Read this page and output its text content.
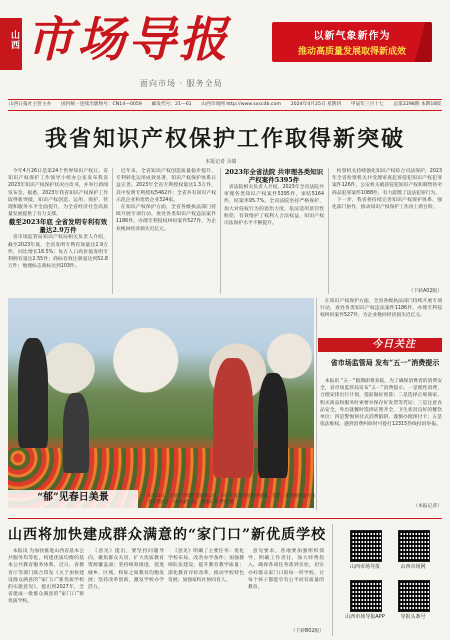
山西 市场导报
面向市场 · 服务全局
以新气象新作为
推动高质量发展取得新成效
山西日报社主管主办 国内统一连续出版物号：CN14—0059 邮发代号：21—61 山西市场网 http://www.sxscdb.com 2024年4月25日 星期四 甲辰年三月十七 总第2298期 本期16版
我省知识产权保护工作取得新突破
本报记者 余婧

今年4月26日是第24个世界知识产权日。省知识产权保护工作领导小组办公室发布我省2023年知识产权保护状况白皮书，并举行新闻发布会。据悉，2023年我省知识产权保护工作取得新突破，知识产权创造、运用、保护、管理和服务水平全面提升，为全省经济社会高质量发展提供了有力支撑。

截至2023年底 全省发明专利有效量达2.9万件

省市场监管局知识产权局相关负责人介绍，截至2023年底，全省发明专利有效量达2.9万件，同比增长18.5%；每万人口高价值发明专利拥有量达2.55件；商标有效注册量达到52.8万件；地理标志商标达到103件。

近年来，全省知识产权创造质量稳步提升，专利转化运用成效显著，知识产权保护体系日益完善。2023年全省专利授权量达1.3万件，其中发明专利授权5462件；全省共有知识产权示范企业和优势企业324家。

在知识产权保护方面，全省各级执法部门持续开展专项行动，查处各类知识产权违法案件1186件，办理专利侵权纠纷案件527件，为企业挽回经济损失近亿元。

2023年全省法院 共审理各类知识产权案件5395件

省法院相关负责人介绍，2023年全省法院共审理各类知识产权案件5395件，审结5164件，结案率95.7%。全省法院坚持严格保护，加大对侵权行为的惩治力度，依法适用惩罚性赔偿，有效维护了权利人合法权益，知识产权司法保护水平不断提升。

检察机关持续强化知识产权综合司法保护，2023年全省检察机关共受理审查起诉侵犯知识产权犯罪案件126件。公安机关破获侵犯知识产权和制售伪劣商品犯罪案件1088件，有力震慑了违法犯罪行为。

下一步，我省将持续完善知识产权保护体系，强化部门协作，推动知识产权保护工作再上新台阶。

（下转A02版）
“郁”见春日美景	4月21日，太原市晋源区晋阳湖公园，市民在郁金香花海中游览、赏花。郁金香的盛开为春日增添了一抹亮丽色彩。 本报记者 曹勇 摄

在知识产权保护方面，全省各级执法部门持续开展专项行动，查处各类知识产权违法案件1186件，办理专利侵权纠纷案件527件，为企业挽回经济损失近亿元。

今日关注
省市场监管局 发布“五一”消费提示

本报讯 “五一”假期即将来临，为了确保消费者的消费安全，省市场监管局发布“五一”消费提示。一是理性消费，合理安排出行计划，提前做好预算；二是选择正规商家，购买商品和服务时索要并保存好发票等凭证；三是注意食品安全，外出就餐时选择证照齐全、卫生状况良好的餐饮单位；四是警惕预付式消费陷阱，谨慎办理预付卡；五是依法维权，遇到消费纠纷时可拨打12315热线投诉举报。

（本报记者）
山西将加快建成群众满意的“家门口”新优质学校

本报讯 为加快推进山西省基本公共服务均等化，构建优质均衡的基本公共教育服务体系，近日，省教育厅等部门联合印发《关于加快建设群众满意的“家门口”新优质学校的实施意见》，提出到2027年，全省建成一批群众满意的“家门口”新优质学校。

《意见》提出，要坚持问题导向，聚焦群众关切，扩大优质教育资源覆盖面；坚持统筹推进，促进城乡、区域、校际之间教育均衡发展；坚持改革创新，激发学校办学活力。

《意见》明确了主要任务：优化学校布局，改善办学条件；加强教师队伍建设，提升教育教学质量；深化教育评价改革，推动学校特色发展；加强家校社协同育人。

意见要求，各地要加强组织领导，明确工作责任，加大经费投入，确保各项任务落到实处，切实办好群众家门口的每一所学校，让每个孩子都能享有公平而有质量的教育。

（下转B02版）
山西市场导报	山西市场网
山西市场导报APP	导报头条号
